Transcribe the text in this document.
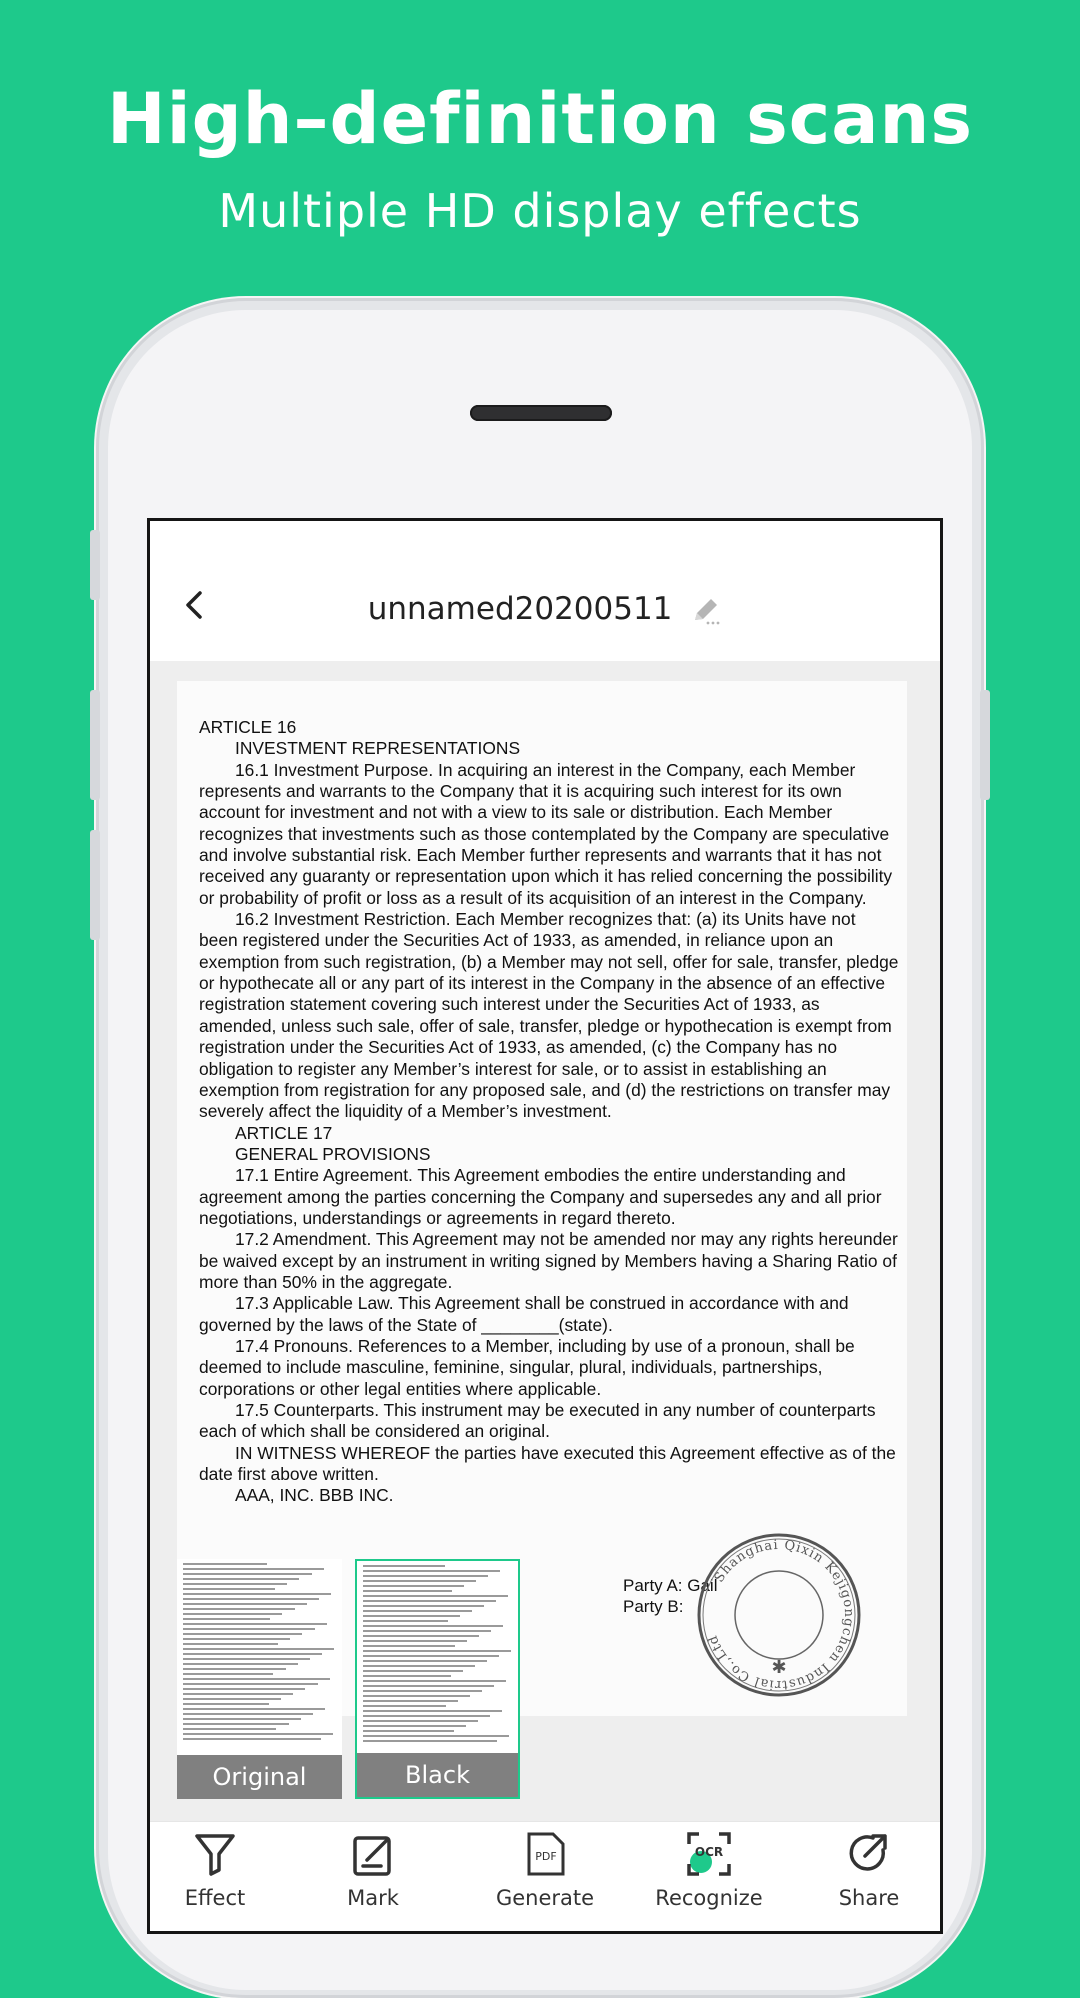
High–definition scans
Multiple HD display effects
unnamed20200511

ARTICLE 16

INVESTMENT REPRESENTATIONS

16.1 Investment Purpose. In acquiring an interest in the Company, each Member represents and warrants to the Company that it is acquiring such interest for its own account for investment and not with a view to its sale or distribution. Each Member recognizes that investments such as those contemplated by the Company are speculative and involve substantial risk. Each Member further represents and warrants that it has not received any guaranty or representation upon which it has relied concerning the possibility or probability of profit or loss as a result of its acquisition of an interest in the Company.

16.2 Investment Restriction. Each Member recognizes that: (a) its Units have not been registered under the Securities Act of 1933, as amended, in reliance upon an exemption from such registration, (b) a Member may not sell, offer for sale, transfer, pledge or hypothecate all or any part of its interest in the Company in the absence of an effective registration statement covering such interest under the Securities Act of 1933, as amended, unless such sale, offer of sale, transfer, pledge or hypothecation is exempt from registration under the Securities Act of 1933, as amended, (c) the Company has no obligation to register any Member’s interest for sale, or to assist in establishing an exemption from registration for any proposed sale, and (d) the restrictions on transfer may severely affect the liquidity of a Member’s investment.

ARTICLE 17

GENERAL PROVISIONS

17.1 Entire Agreement. This Agreement embodies the entire understanding and agreement among the parties concerning the Company and supersedes any and all prior negotiations, understandings or agreements in regard thereto.

17.2 Amendment. This Agreement may not be amended nor may any rights hereunder be waived except by an instrument in writing signed by Members having a Sharing Ratio of more than 50% in the aggregate.

17.3 Applicable Law. This Agreement shall be construed in accordance with and governed by the laws of the State of ________(state).

17.4 Pronouns. References to a Member, including by use of a pronoun, shall be deemed to include masculine, feminine, singular, plural, individuals, partnerships, corporations or other legal entities where applicable.

17.5 Counterparts. This instrument may be executed in any number of counterparts each of which shall be considered an original.

IN WITNESS WHEREOF the parties have executed this Agreement effective as of the date first above written.

AAA, INC. BBB INC.

Party A: Gail
Party B:
Shanghai Qixin Kejigongchen Industrial Co.,Ltd
✱
Original	Black
Effect	Mark
PDF
Generate
OCR
Recognize	Share
